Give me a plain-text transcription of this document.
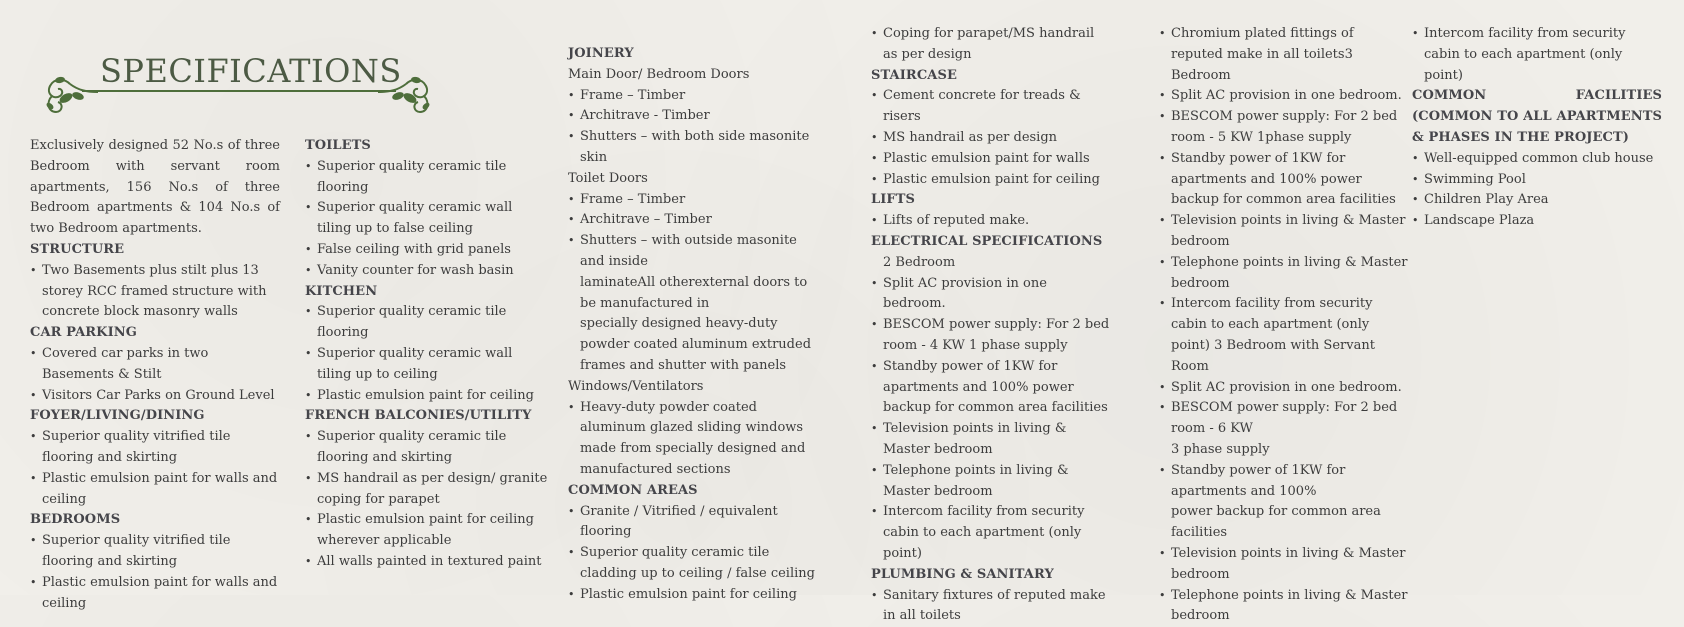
SPECIFICATIONS

Exclusively designed 52 No.s of three Bedroom with servant room apartments, 156 No.s of three Bedroom apartments & 104 No.s of two Bedroom apartments.

STRUCTURE
• Two Basements plus stilt plus 13 storey RCC framed structure with concrete block masonry walls
CAR PARKING
• Covered car parks in two Basements & Stilt
• Visitors Car Parks on Ground Level
FOYER/LIVING/DINING
• Superior quality vitrified tile flooring and skirting
• Plastic emulsion paint for walls and ceiling
BEDROOMS
• Superior quality vitrified tile flooring and skirting
• Plastic emulsion paint for walls and ceiling
TOILETS
• Superior quality ceramic tile flooring
• Superior quality ceramic wall tiling up to false ceiling
• False ceiling with grid panels
• Vanity counter for wash basin
KITCHEN
• Superior quality ceramic tile flooring
• Superior quality ceramic wall tiling up to ceiling
• Plastic emulsion paint for ceiling
FRENCH BALCONIES/UTILITY
• Superior quality ceramic tile flooring and skirting
• MS handrail as per design/ granite coping for parapet
• Plastic emulsion paint for ceiling wherever applicable
• All walls painted in textured paint
JOINERY
Main Door/ Bedroom Doors
• Frame – Timber
• Architrave - Timber
• Shutters – with both side masonite skin
Toilet Doors
• Frame – Timber
• Architrave – Timber
• Shutters – with outside masonite and inside
laminateAll otherexternal doors to be manufactured in
specially designed heavy-duty powder coated aluminum extruded frames and shutter with panels
Windows/Ventilators
• Heavy-duty powder coated aluminum glazed sliding windows made from specially designed and manufactured sections
COMMON AREAS
• Granite / Vitrified / equivalent flooring
• Superior quality ceramic tile cladding up to ceiling / false ceiling
• Plastic emulsion paint for ceiling
• Coping for parapet/MS handrail as per design
STAIRCASE
• Cement concrete for treads & risers
• MS handrail as per design
• Plastic emulsion paint for walls
• Plastic emulsion paint for ceiling
LIFTS
• Lifts of reputed make.
ELECTRICAL SPECIFICATIONS
2 Bedroom
• Split AC provision in one bedroom.
• BESCOM power supply: For 2 bed room - 4 KW 1 phase supply
• Standby power of 1KW for apartments and 100% power
backup for common area facilities
• Television points in living & Master bedroom
• Telephone points in living & Master bedroom
• Intercom facility from security cabin to each apartment (only point)
PLUMBING & SANITARY
• Sanitary fixtures of reputed make in all toilets
• Chromium plated fittings of reputed make in all toilets3 Bedroom
• Split AC provision in one bedroom.
• BESCOM power supply: For 2 bed room - 5 KW 1phase supply
• Standby power of 1KW for apartments and 100% power backup for common area facilities
• Television points in living & Master bedroom
• Telephone points in living & Master bedroom
• Intercom facility from security cabin to each apartment (only point) 3 Bedroom with Servant Room
• Split AC provision in one bedroom.
• BESCOM power supply: For 2 bed room - 6 KW
3 phase supply
• Standby power of 1KW for apartments and 100%
power backup for common area facilities
• Television points in living & Master bedroom
• Telephone points in living & Master bedroom
• Intercom facility from security cabin to each apartment (only point)
COMMON FACILITIES (COMMON TO ALL APARTMENTS & PHASES IN THE PROJECT)
• Well-equipped common club house
• Swimming Pool
• Children Play Area
• Landscape Plaza
